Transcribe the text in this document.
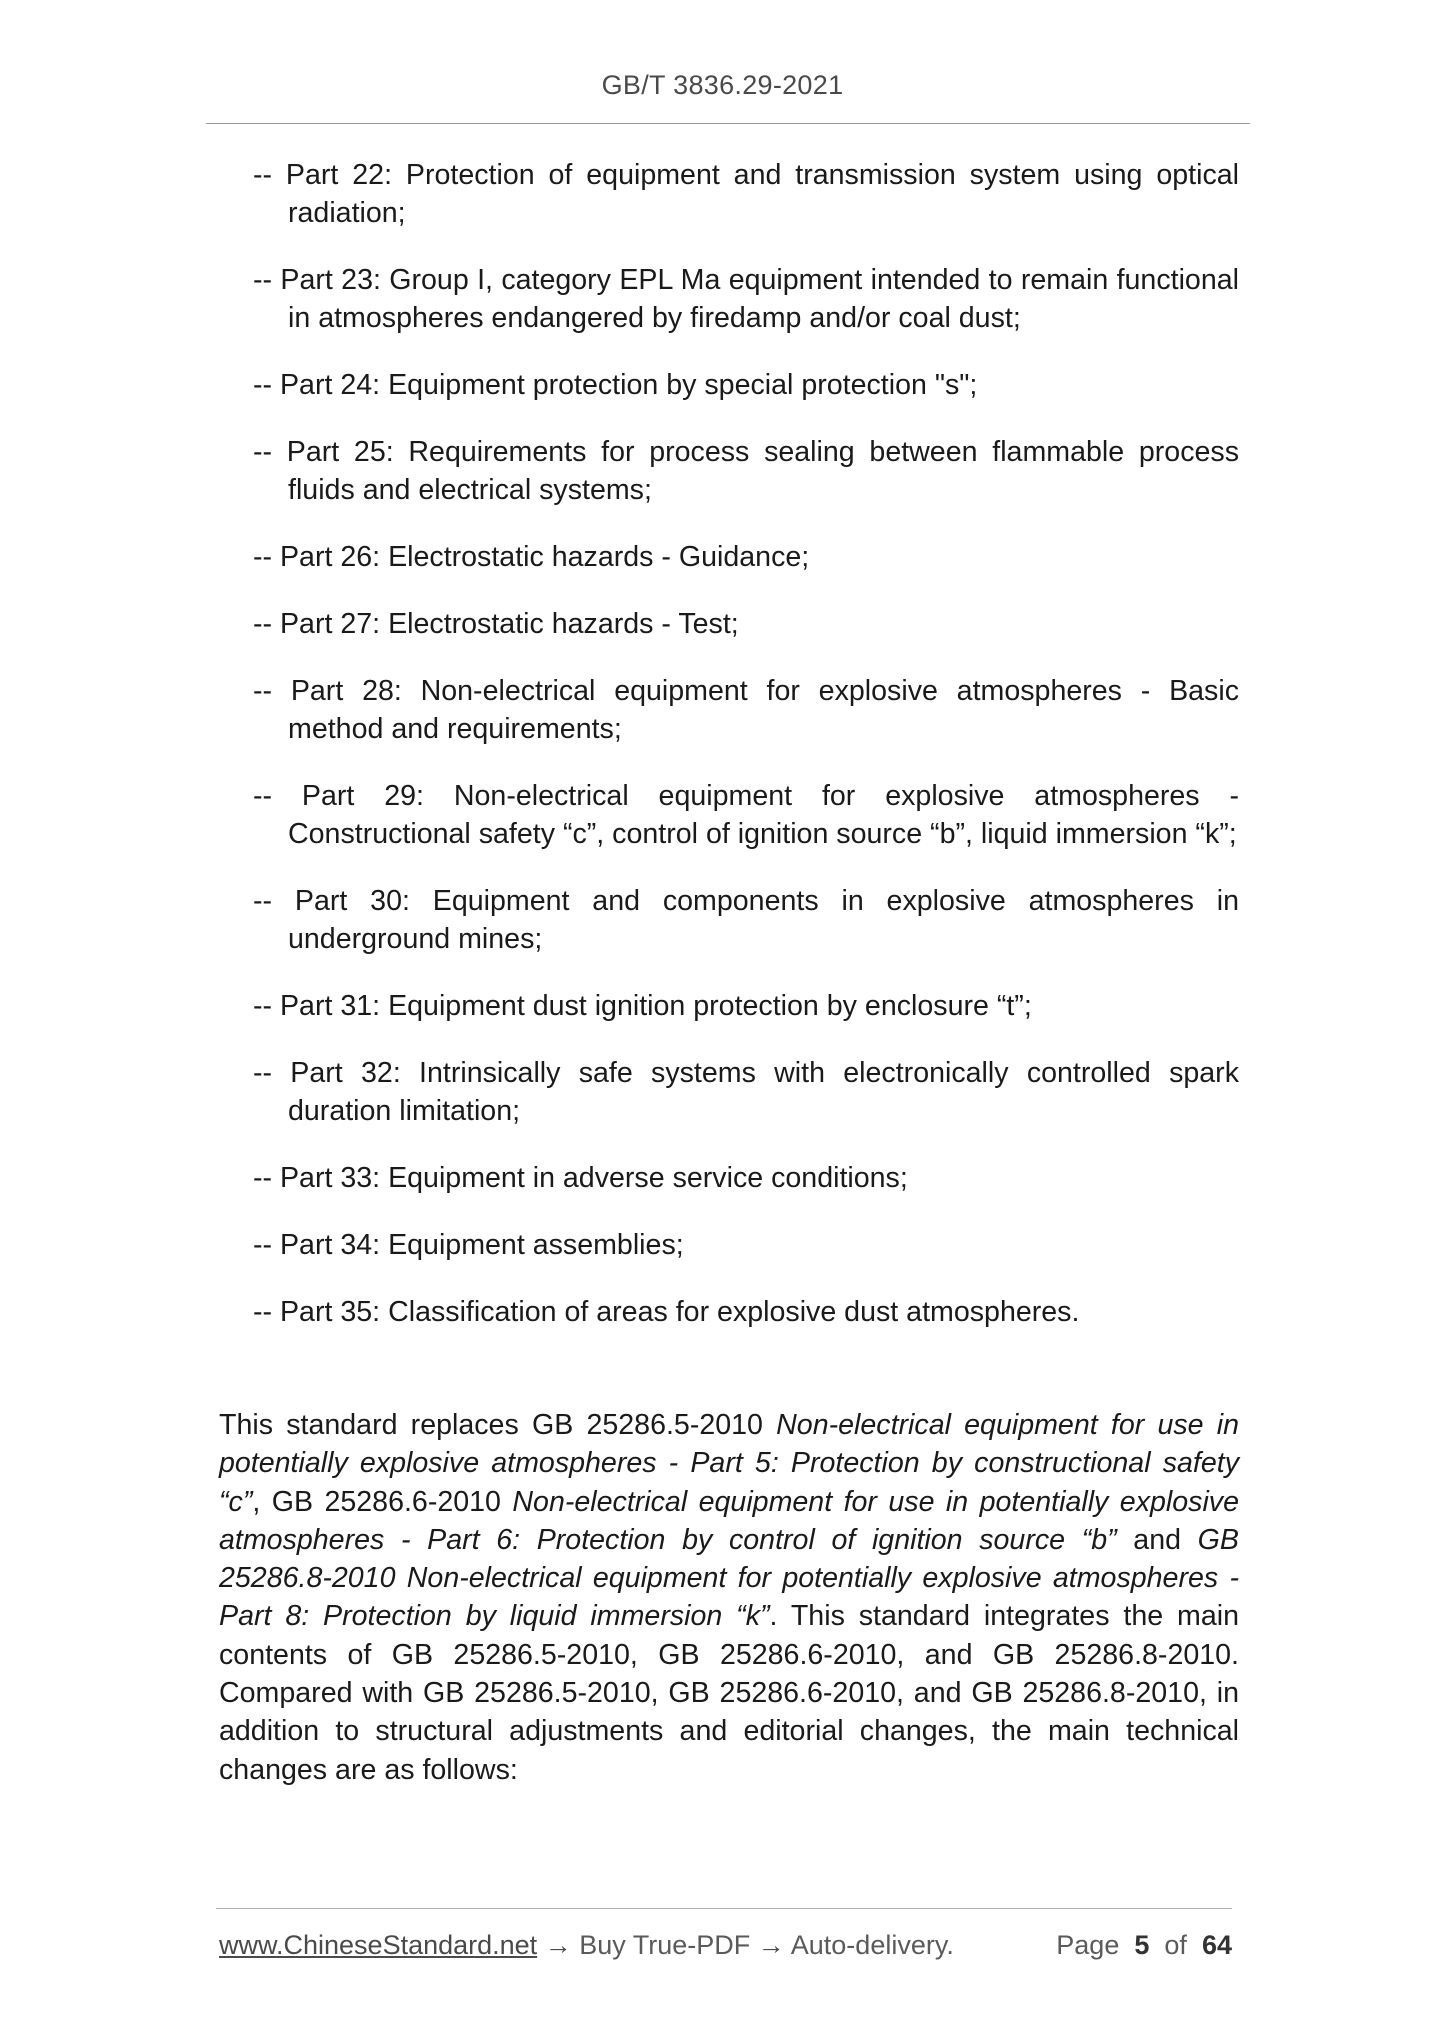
GB/T 3836.29-2021

-- Part 22: Protection of equipment and transmission system using optical radiation;

-- Part 23: Group I, category EPL Ma equipment intended to remain functional in atmospheres endangered by firedamp and/or coal dust;

-- Part 24: Equipment protection by special protection "s";

-- Part 25: Requirements for process sealing between flammable process fluids and electrical systems;

-- Part 26: Electrostatic hazards - Guidance;

-- Part 27: Electrostatic hazards - Test;

-- Part 28: Non-electrical equipment for explosive atmospheres - Basic method and requirements;

-- Part 29: Non-electrical equipment for explosive atmospheres - Constructional safety “c”, control of ignition source “b”, liquid immersion “k”;

-- Part 30: Equipment and components in explosive atmospheres in underground mines;

-- Part 31: Equipment dust ignition protection by enclosure “t”;

-- Part 32: Intrinsically safe systems with electronically controlled spark duration limitation;

-- Part 33: Equipment in adverse service conditions;

-- Part 34: Equipment assemblies;

-- Part 35: Classification of areas for explosive dust atmospheres.

This standard replaces GB 25286.5-2010 Non-electrical equipment for use in potentially explosive atmospheres - Part 5: Protection by constructional safety “c”, GB 25286.6-2010 Non-electrical equipment for use in potentially explosive atmospheres - Part 6: Protection by control of ignition source “b” and GB 25286.8-2010 Non-electrical equipment for potentially explosive atmospheres - Part 8: Protection by liquid immersion “k”. This standard integrates the main contents of GB 25286.5-2010, GB 25286.6-2010, and GB 25286.8-2010. Compared with GB 25286.5-2010, GB 25286.6-2010, and GB 25286.8-2010, in addition to structural adjustments and editorial changes, the main technical changes are as follows:

www.ChineseStandard.net → Buy True-PDF → Auto-delivery.	Page 5 of 64
